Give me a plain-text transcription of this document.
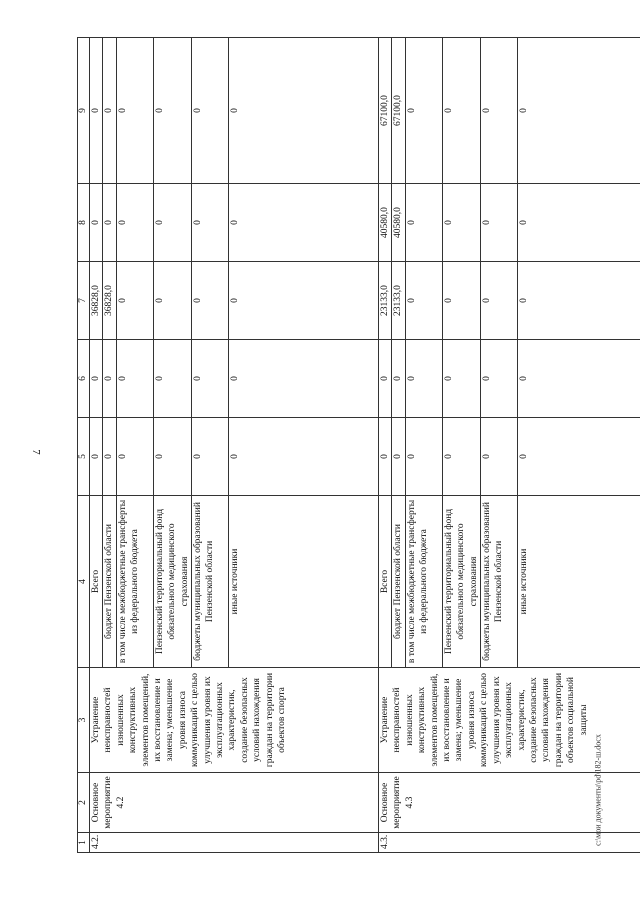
7
1	2	3	4	5	6	7	8	9
4.2.	Основное мероприятие 4.2	Устранение неисправностей изношенных конструктивных элементов помещений, их восстановление и замена; уменьшение уровня износа коммуникаций с целью улучшения уровня их эксплуатационных характеристик, создание безопасных условий нахождения граждан на территории объектов спорта	Всего	0	0	36828,0	0	0
			бюджет Пензенской области	0	0	36828,0	0	0
			в том числе межбюджетные трансферты из федерального бюджета	0	0	0	0	0
			Пензенский территориальный фонд обязательного медицинского страхования	0	0	0	0	0
			бюджеты муниципальных образований Пензенской области	0	0	0	0	0
			иные источники	0	0	0	0	0
4.3.	Основное мероприятие 4.3	Устранение неисправностей изношенных конструктивных элементов помещений, их восстановление и замена; уменьшение уровня износа коммуникаций с целью улучшения уровня их эксплуатационных характеристик, создание безопасных условий нахождения граждан на территории объектов социальной защиты	Всего	0	0	23133,0	40580,0	67100,0
			бюджет Пензенской области	0	0	23133,0	40580,0	67100,0
			в том числе межбюджетные трансферты из федерального бюджета	0	0	0	0	0
			Пензенский территориальный фонд обязательного медицинского страхования	0	0	0	0	0
			бюджеты муниципальных образований Пензенской области	0	0	0	0	0
			иные источники	0	0	0	0	0
c:\мои документы\pd\182-ш.docx
